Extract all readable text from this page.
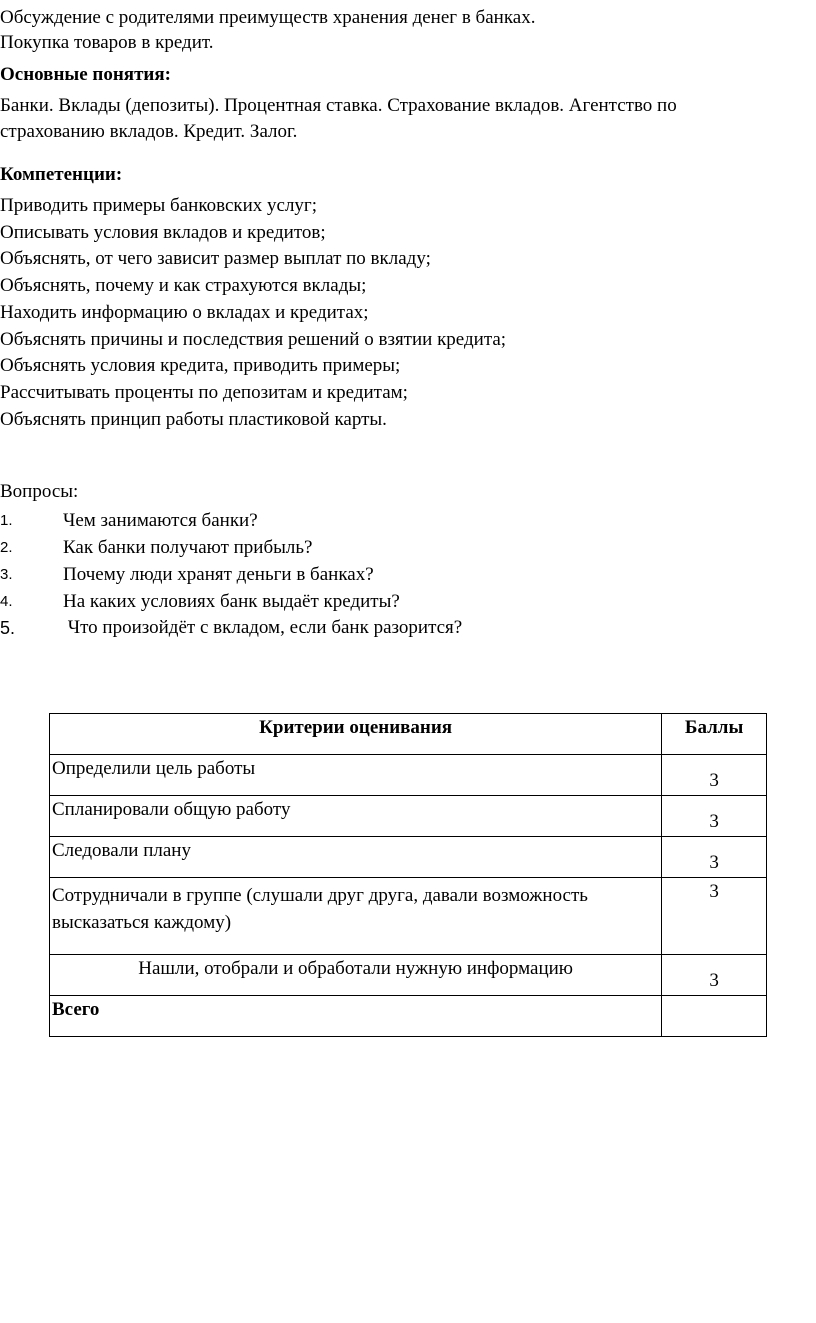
Обсуждение с родителями преимуществ хранения денег в банках.
Покупка товаров в кредит.
Основные понятия:
Банки. Вклады (депозиты). Процентная ставка. Страхование вкладов. Агентство по
страхованию вкладов. Кредит. Залог.
Компетенции:
Приводить примеры банковских услуг;
Описывать условия вкладов и кредитов;
Объяснять, от чего зависит размер выплат по вкладу;
Объяснять, почему и как страхуются вклады;
Находить информацию о вкладах и кредитах;
Объяснять причины и последствия решений о взятии кредита;
Объяснять условия кредита, приводить примеры;
Рассчитывать проценты по депозитам и кредитам;
Объяснять принцип работы пластиковой карты.
Вопросы:
1.	Чем занимаются банки?
2.	Как банки получают прибыль?
3.	Почему люди хранят деньги в банках?
4.	На каких условиях банк выдаёт кредиты?
5.	Что произойдёт с вкладом, если банк разорится?
Критерии оценивания	Баллы
Определили цель работы	3
Спланировали общую работу	3
Следовали плану	3
Сотрудничали в группе (слушали друг друга, давали возможность высказаться каждому)	3
Нашли, отобрали и обработали нужную информацию	3
Всего	
